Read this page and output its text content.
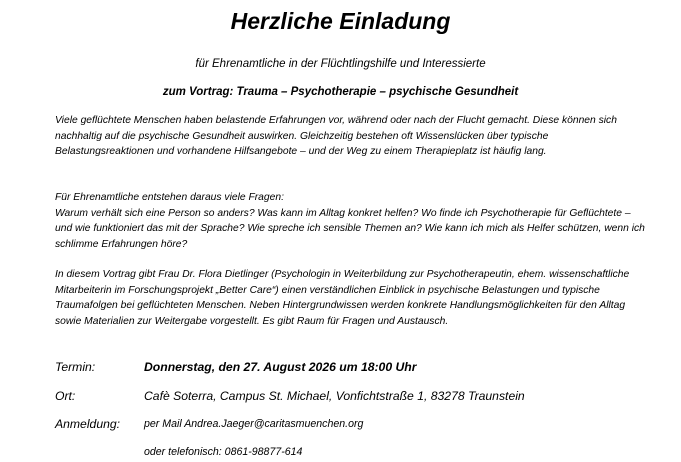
Herzliche Einladung
für Ehrenamtliche in der Flüchtlingshilfe und Interessierte
zum Vortrag: Trauma – Psychotherapie – psychische Gesundheit

Viele geflüchtete Menschen haben belastende Erfahrungen vor, während oder nach der Flucht gemacht. Diese können sich nachhaltig auf die psychische Gesundheit auswirken. Gleichzeitig bestehen oft Wissenslücken über typische Belastungsreaktionen und vorhandene Hilfsangebote – und der Weg zu einem Therapieplatz ist häufig lang.

Für Ehrenamtliche entstehen daraus viele Fragen:
Warum verhält sich eine Person so anders? Was kann im Alltag konkret helfen? Wo finde ich Psychotherapie für Geflüchtete – und wie funktioniert das mit der Sprache? Wie spreche ich sensible Themen an? Wie kann ich mich als Helfer schützen, wenn ich schlimme Erfahrungen höre?

In diesem Vortrag gibt Frau Dr. Flora Dietlinger (Psychologin in Weiterbildung zur Psychotherapeutin, ehem. wissenschaftliche Mitarbeiterin im Forschungsprojekt „Better Care“) einen verständlichen Einblick in psychische Belastungen und typische Traumafolgen bei geflüchteten Menschen. Neben Hintergrundwissen werden konkrete Handlungsmöglichkeiten für den Alltag sowie Materialien zur Weitergabe vorgestellt. Es gibt Raum für Fragen und Austausch.

Termin:	Donnerstag, den 27. August 2026 um 18:00 Uhr
Ort:	Cafè Soterra, Campus St. Michael, Vonfichtstraße 1, 83278 Traunstein
Anmeldung: per Mail Andrea.Jaeger@caritasmuenchen.org
oder telefonisch: 0861-98877-614
